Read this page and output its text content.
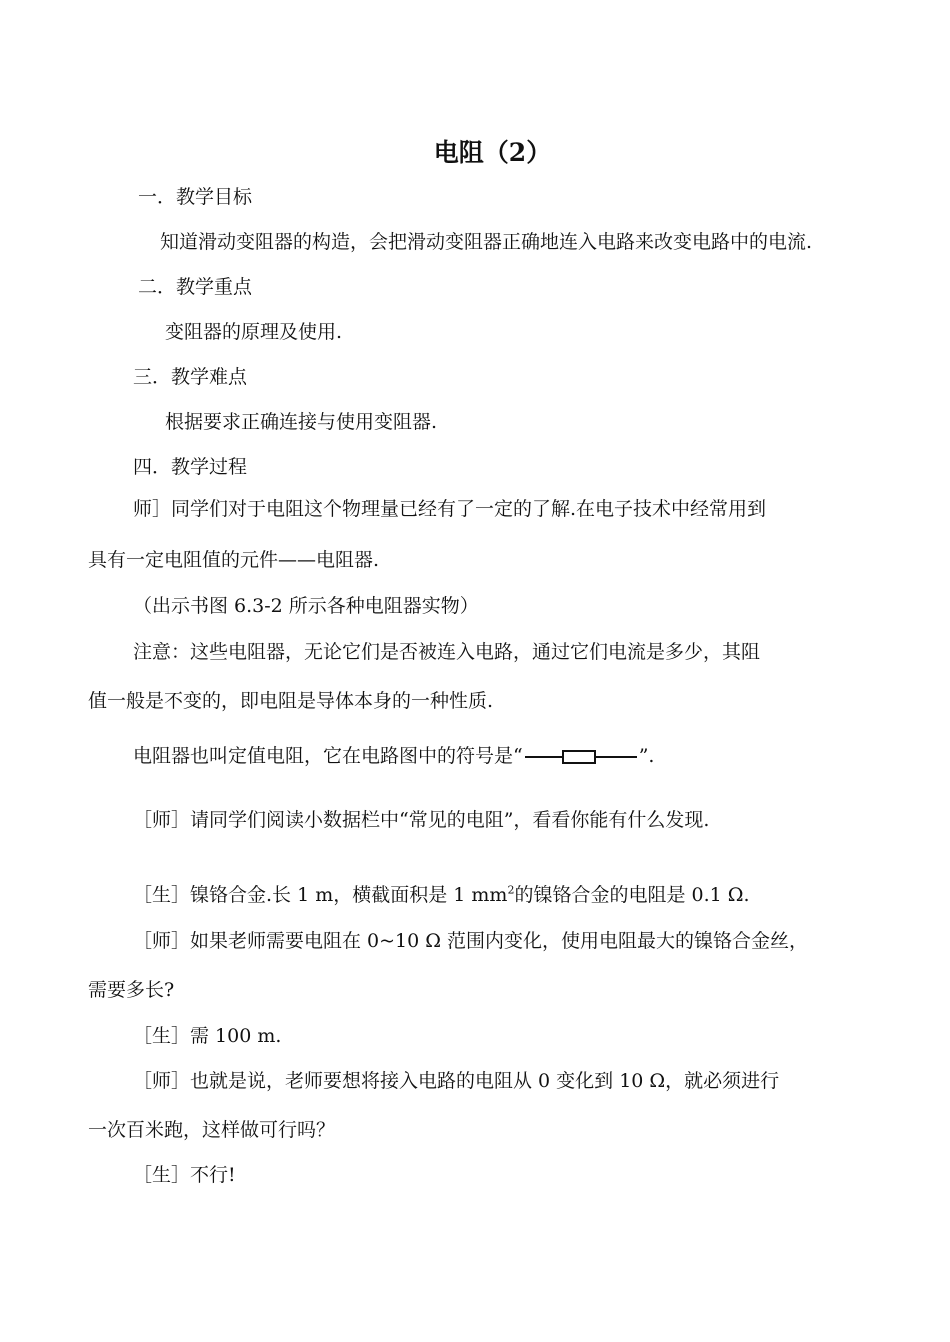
电阻（2）
一．教学目标
知道滑动变阻器的构造，会把滑动变阻器正确地连入电路来改变电路中的电流.
二．教学重点
变阻器的原理及使用.
三．教学难点
根据要求正确连接与使用变阻器.
四．教学过程
师］同学们对于电阻这个物理量已经有了一定的了解.在电子技术中经常用到
具有一定电阻值的元件——电阻器.
（出示书图 6.3-2 所示各种电阻器实物）
注意：这些电阻器，无论它们是否被连入电路，通过它们电流是多少，其阻
值一般是不变的，即电阻是导体本身的一种性质.
电阻器也叫定值电阻，它在电路图中的符号是“	”.
［师］请同学们阅读小数据栏中“常见的电阻”，看看你能有什么发现.
［生］镍铬合金.长 1 m，横截面积是 1 $mm^2$的镍铬合金的电阻是 0.1 Ω.
［师］如果老师需要电阻在 0~10 Ω 范围内变化，使用电阻最大的镍铬合金丝，
需要多长?
［生］需 100 m.
［师］也就是说，老师要想将接入电路的电阻从 0 变化到 10 Ω，就必须进行
一次百米跑，这样做可行吗？
［生］不行!
